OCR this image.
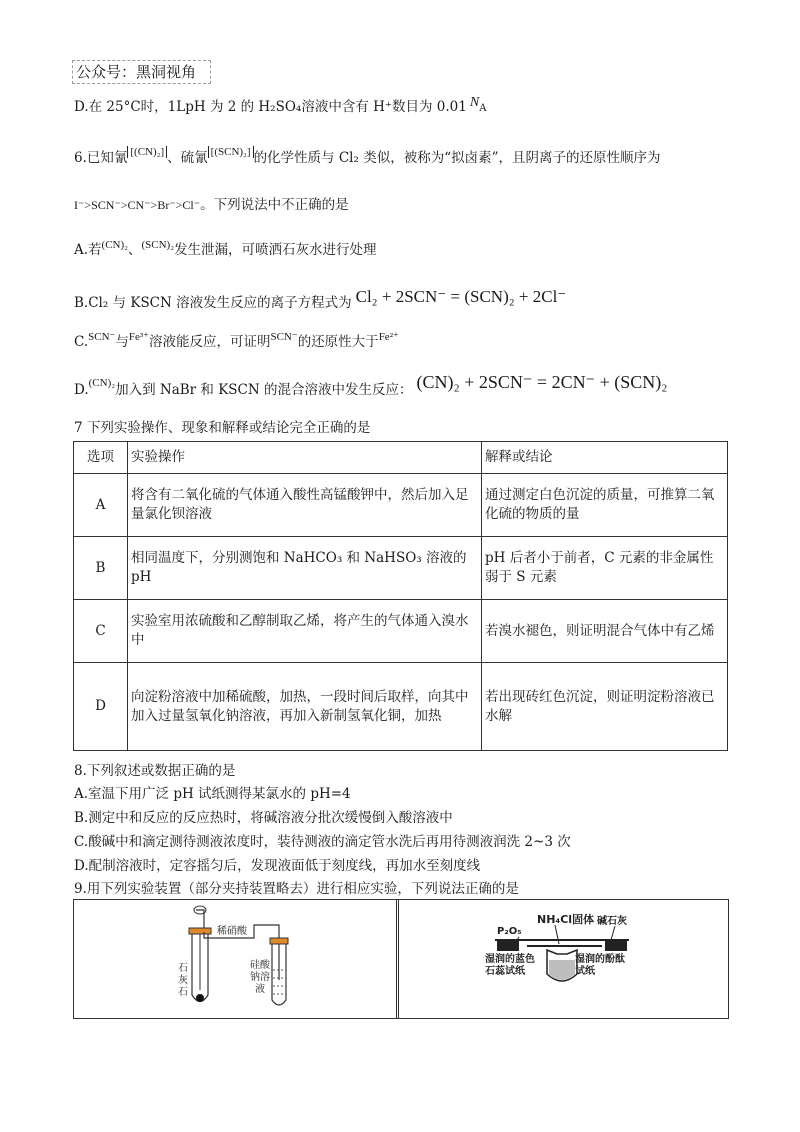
公众号：黑洞视角
D.在 25°C时，1LpH 为 2 的 H₂SO₄溶液中含有 H⁺数目为 0.01 NA
6.已知氰 [(CN)₂] 、硫氰 [(SCN)₂] 的化学性质与 Cl₂ 类似，被称为“拟卤素”，且阴离子的还原性顺序为
I⁻>SCN⁻>CN⁻>Br⁻>Cl⁻。下列说法中不正确的是
A.若$^{(CN)_2}$、$^{(SCN)_2}$发生泄漏，可喷洒石灰水进行处理
B.Cl₂ 与 KSCN 溶液发生反应的离子方程式为 Cl₂ + 2SCN⁻ = (SCN)₂ + 2Cl⁻
C.$^{SCN^-}$与$^{Fe^{3+}}$溶液能反应，可证明$^{SCN^-}$的还原性大于$^{Fe^{2+}}$
D.(CN)₂加入到 NaBr 和 KSCN 的混合溶液中发生反应： (CN)₂ + 2SCN⁻ = 2CN⁻ + (SCN)₂
7 下列实验操作、现象和解释或结论完全正确的是
选项	实验操作	解释或结论
A	将含有二氧化硫的气体通入酸性高锰酸钾中，然后加入足量氯化钡溶液	通过测定白色沉淀的质量，可推算二氧化硫的物质的量
B	相同温度下，分别测饱和 NaHCO₃ 和 NaHSO₃ 溶液的 pH	pH 后者小于前者，C 元素的非金属性弱于 S 元素
C	实验室用浓硫酸和乙醇制取乙烯，将产生的气体通入溴水中	若溴水褪色，则证明混合气体中有乙烯
D	向淀粉溶液中加稀硫酸，加热，一段时间后取样，向其中加入过量氢氧化钠溶液，再加入新制氢氧化铜，加热	若出现砖红色沉淀，则证明淀粉溶液已水解
8.下列叙述或数据正确的是
A.室温下用广泛 pH 试纸测得某氯水的 pH=4
B.测定中和反应的反应热时，将碱溶液分批次缓慢倒入酸溶液中
C.酸碱中和滴定测待测液浓度时，装待测液的滴定管水洗后再用待测液润洗 2~3 次
D.配制溶液时，定容摇匀后，发现液面低于刻度线，再加水至刻度线
9.用下列实验装置（部分夹持装置略去）进行相应实验，下列说法正确的是
稀硝酸
石
灰
石
硅酸
钠溶
液
NH₄Cl固体
P₂O₅
碱石灰
湿润的蓝色
石蕊试纸
湿润的酚酞
试纸
